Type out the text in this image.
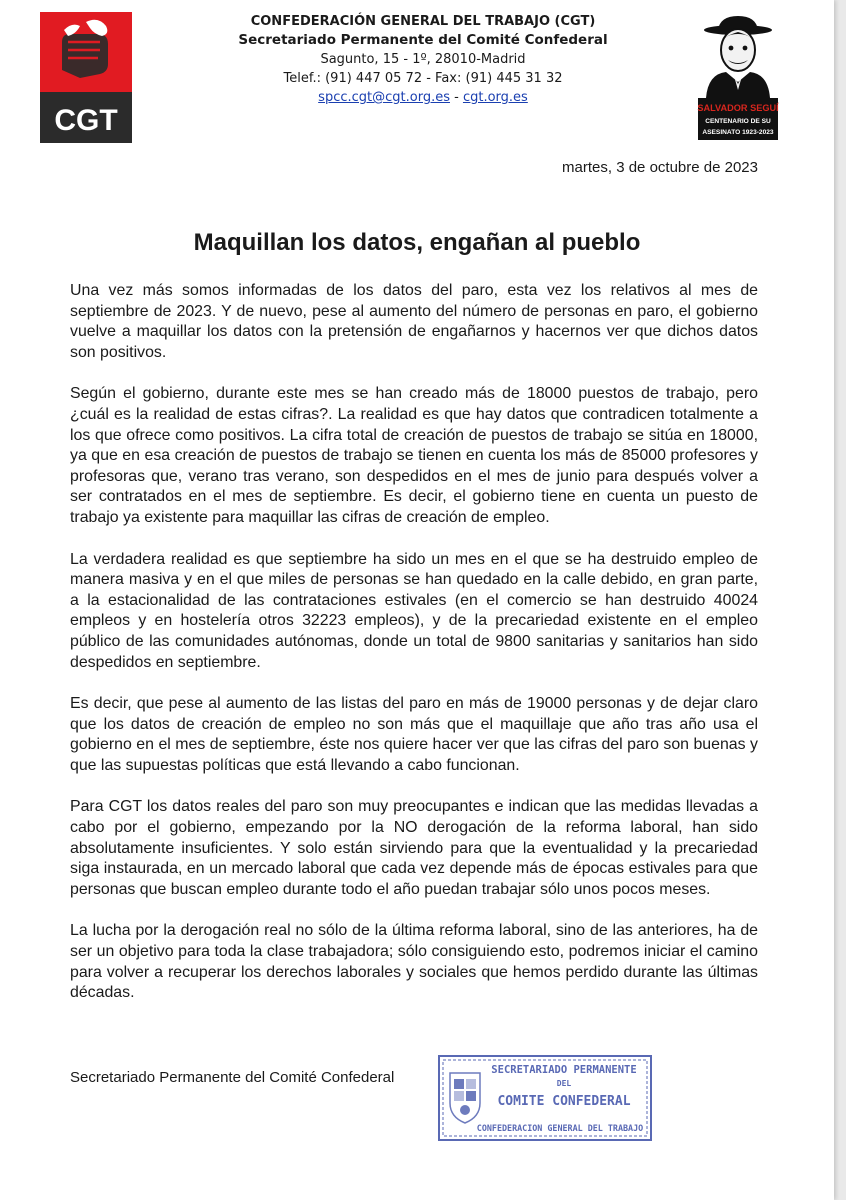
CGT
CONFEDERACIÓN GENERAL DEL TRABAJO (CGT)
Secretariado Permanente del Comité Confederal
Sagunto, 15 - 1º, 28010-Madrid
Telef.: (91) 447 05 72 - Fax: (91) 445 31 32
spcc.cgt@cgt.org.es - cgt.org.es
SALVADOR SEGUÍ
CENTENARIO DE SU
ASESINATO 1923-2023
martes, 3 de octubre de 2023
Maquillan los datos, engañan al pueblo

Una vez más somos informadas de los datos del paro, esta vez los relativos al mes de septiembre de 2023. Y de nuevo, pese al aumento del número de personas en paro, el gobierno vuelve a maquillar los datos con la pretensión de engañarnos y hacernos ver que dichos datos son positivos.

Según el gobierno, durante este mes se han creado más de 18000 puestos de trabajo, pero ¿cuál es la realidad de estas cifras?. La realidad es que hay datos que contradicen totalmente a los que ofrece como positivos. La cifra total de creación de puestos de trabajo se sitúa en 18000, ya que en esa creación de puestos de trabajo se tienen en cuenta los más de 85000 profesores y profesoras que, verano tras verano, son despedidos en el mes de junio para después volver a ser contratados en el mes de septiembre. Es decir, el gobierno tiene en cuenta un puesto de trabajo ya existente para maquillar las cifras de creación de empleo.

La verdadera realidad es que septiembre ha sido un mes en el que se ha destruido empleo de manera masiva y en el que miles de personas se han quedado en la calle debido, en gran parte, a la estacionalidad de las contrataciones estivales (en el comercio se han destruido 40024 empleos y en hostelería otros 32223 empleos), y de la precariedad existente en el empleo público de las comunidades autónomas, donde un total de 9800 sanitarias y sanitarios han sido despedidos en septiembre.

Es decir, que pese al aumento de las listas del paro en más de 19000 personas y de dejar claro que los datos de creación de empleo no son más que el maquillaje que año tras año usa el gobierno en el mes de septiembre, éste nos quiere hacer ver que las cifras del paro son buenas y que las supuestas políticas que está llevando a cabo funcionan.

Para CGT los datos reales del paro son muy preocupantes e indican que las medidas llevadas a cabo por el gobierno, empezando por la NO derogación de la reforma laboral, han sido absolutamente insuficientes. Y solo están sirviendo para que la eventualidad y la precariedad siga instaurada, en un mercado laboral que cada vez depende más de épocas estivales para que personas que buscan empleo durante todo el año puedan trabajar sólo unos pocos meses.

La lucha por la derogación real no sólo de la última reforma laboral, sino de las anteriores, ha de ser un objetivo para toda la clase trabajadora; sólo consiguiendo esto, podremos iniciar el camino para volver a recuperar los derechos laborales y sociales que hemos perdido durante las últimas décadas.

Secretariado Permanente del Comité Confederal	SECRETARIADO PERMANENTE
DEL
COMITE CONFEDERAL
CONFEDERACION GENERAL DEL TRABAJO
